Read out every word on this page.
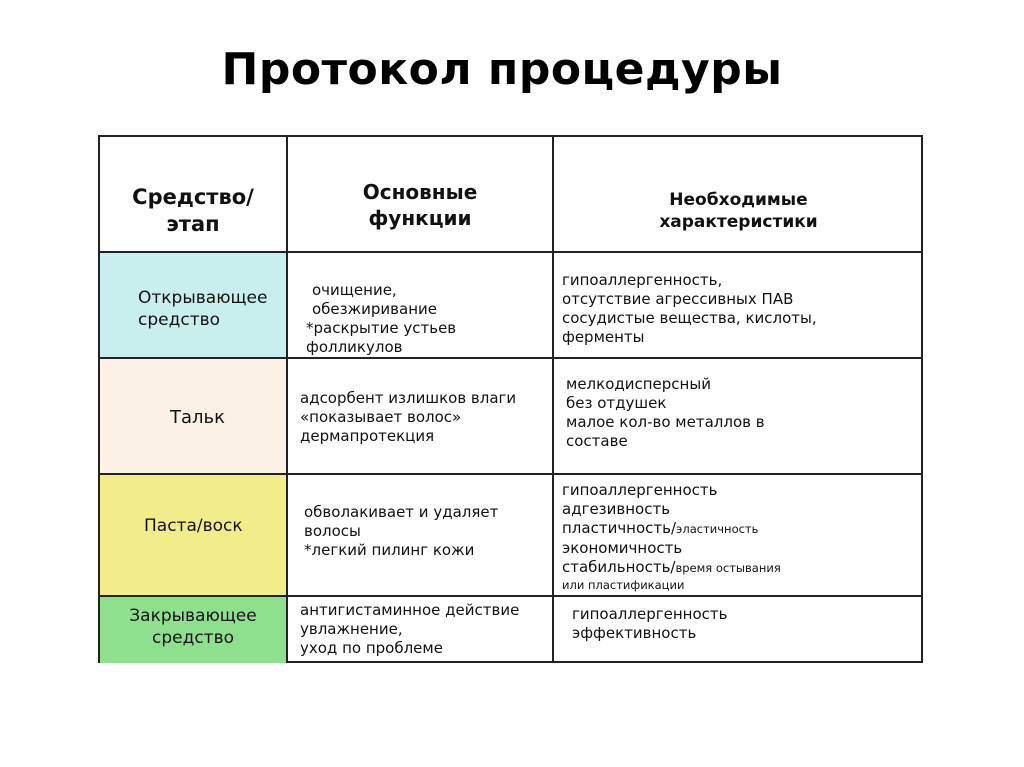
Протокол процедуры
Средство/
этап
Основные
функции
Необходимые
характеристики
Открывающее
средство
очищение,
обезжиривание
*раскрытие устьев
фолликулов
гипоаллергенность,
отсутствие агрессивных ПАВ
сосудистые вещества, кислоты,
ферменты
Тальк
адсорбент излишков влаги
«показывает волос»
дермапротекция
мелкодисперсный
без отдушек
малое кол-во металлов в
составе
Паста/воск
обволакивает и удаляет
волосы
*легкий пилинг кожи
гипоаллергенность
адгезивность
пластичность/эластичность
экономичность
стабильность/время остывания
или пластификации
Закрывающее
средство
антигистаминное действие
увлажнение,
уход по проблеме
гипоаллергенность
эффективность
